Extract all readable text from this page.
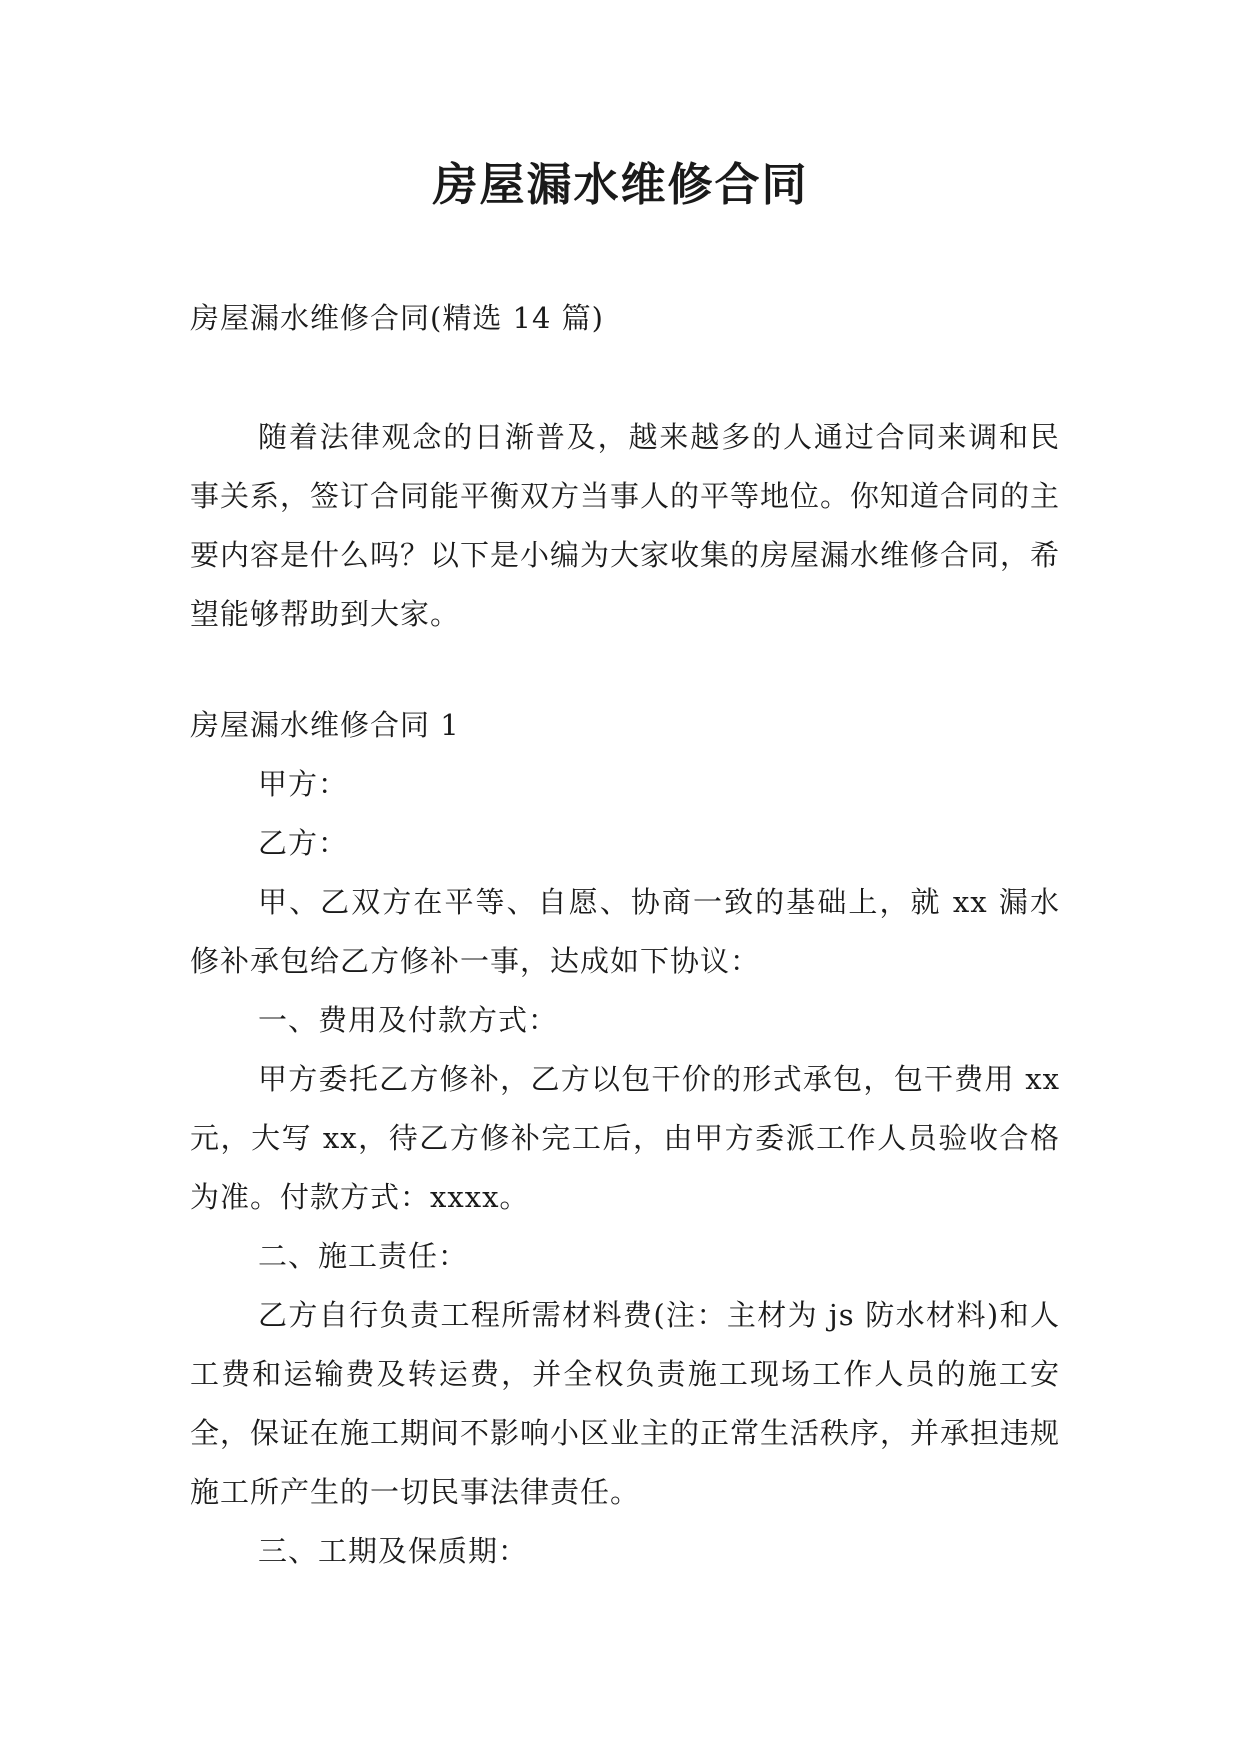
房屋漏水维修合同
房屋漏水维修合同(精选 14 篇)
随着法律观念的日渐普及，越来越多的人通过合同来调和民事关系，签订合同能平衡双方当事人的平等地位。你知道合同的主要内容是什么吗？以下是小编为大家收集的房屋漏水维修合同，希望能够帮助到大家。
房屋漏水维修合同 1

甲方：

乙方：

甲、乙双方在平等、自愿、协商一致的基础上，就 xx 漏水修补承包给乙方修补一事，达成如下协议：

一、费用及付款方式：

甲方委托乙方修补，乙方以包干价的形式承包，包干费用 xx 元，大写 xx，待乙方修补完工后，由甲方委派工作人员验收合格为准。付款方式：xxxx。

二、施工责任：

乙方自行负责工程所需材料费(注：主材为 js 防水材料)和人工费和运输费及转运费，并全权负责施工现场工作人员的施工安全，保证在施工期间不影响小区业主的正常生活秩序，并承担违规施工所产生的一切民事法律责任。

三、工期及保质期：
